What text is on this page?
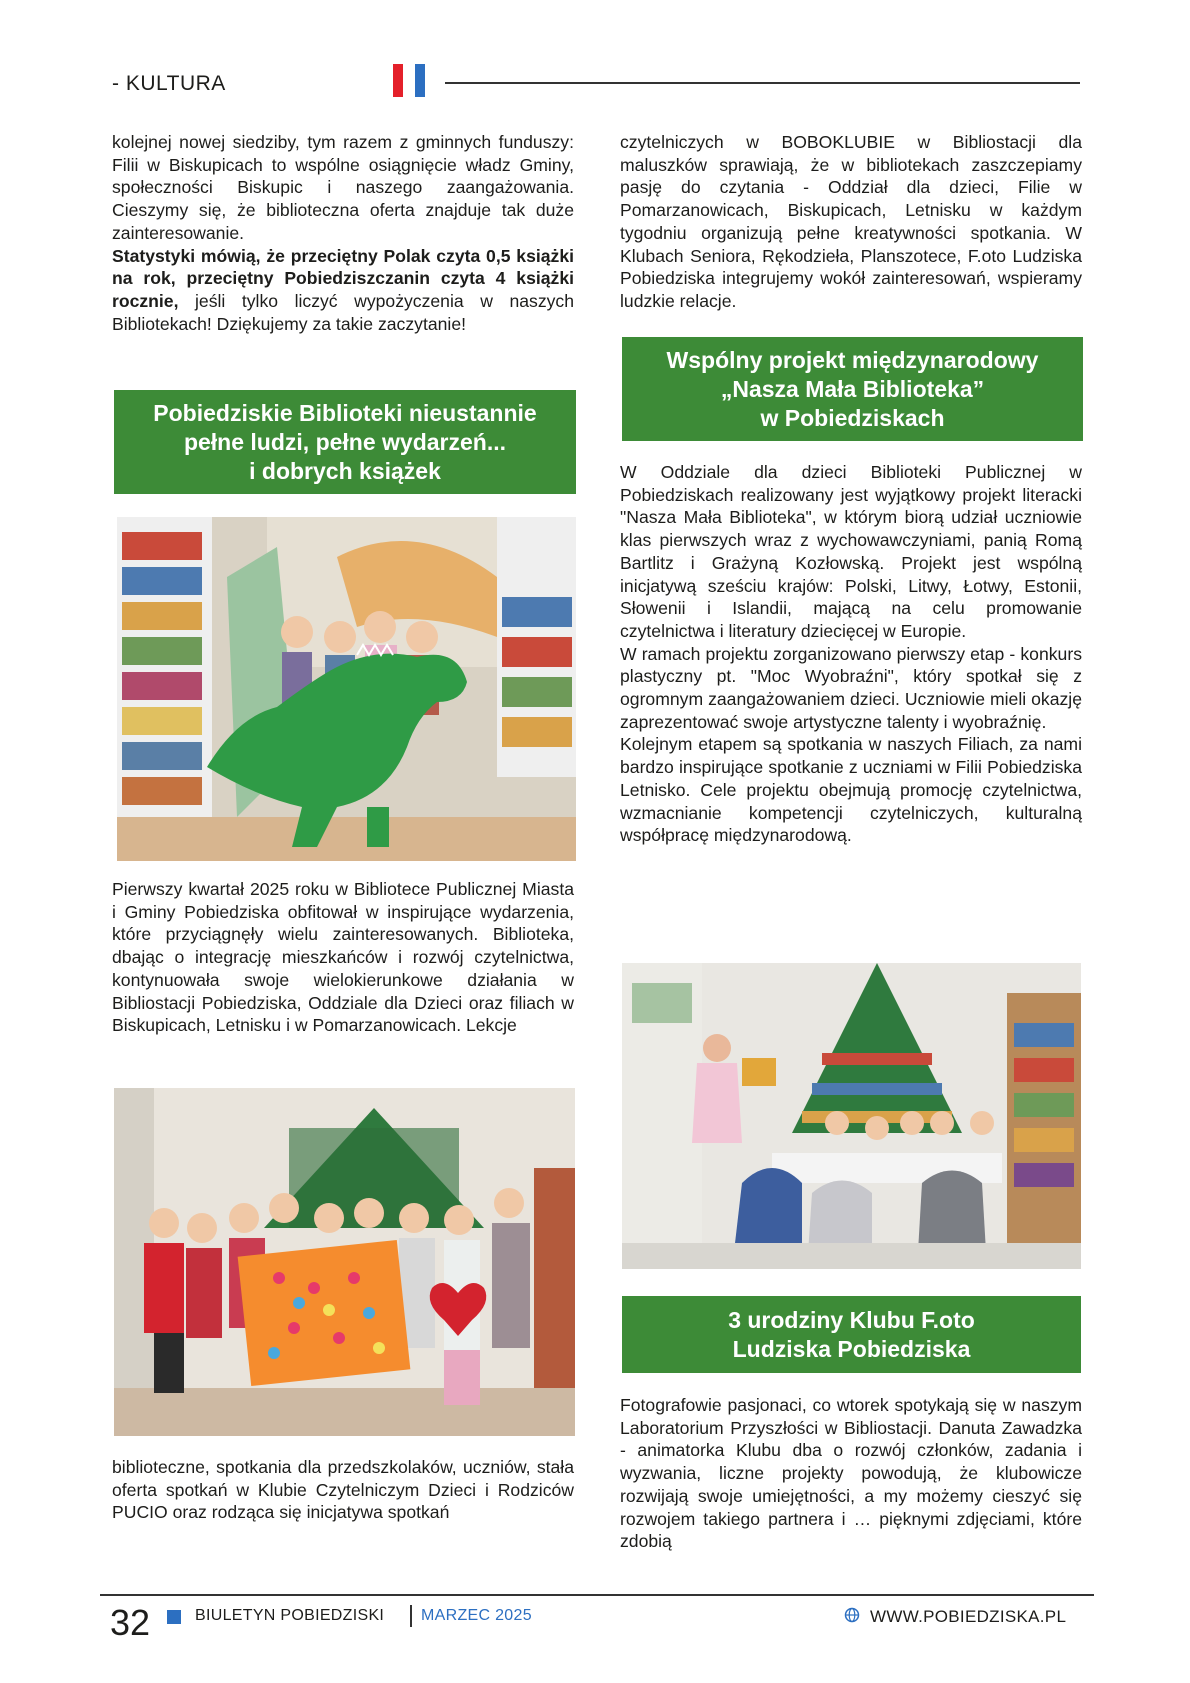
- KULTURA

kolejnej nowej siedziby, tym razem z gminnych funduszy: Filii w Biskupicach to wspólne osiągnięcie władz Gminy, społeczności Biskupic i naszego zaangażowania. Cieszymy się, że biblioteczna oferta znajduje tak duże zainteresowanie.

Statystyki mówią, że przeciętny Polak czyta 0,5 książki na rok, przeciętny Pobiedziszczanin czyta 4 książki rocznie, jeśli tylko liczyć wypożyczenia w naszych Bibliotekach! Dziękujemy za takie zaczytanie!

Pobiedziskie Biblioteki nieustannie
pełne ludzi, pełne wydarzeń...
i dobrych książek

Pierwszy kwartał 2025 roku w Bibliotece Publicznej Miasta i Gminy Pobiedziska obfitował w inspirujące wydarzenia, które przyciągnęły wielu zainteresowanych. Biblioteka, dbając o integrację mieszkańców i rozwój czytelnictwa, kontynuowała swoje wielokierunkowe działania w Bibliostacji Pobiedziska, Oddziale dla Dzieci oraz filiach w Biskupicach, Letnisku i w Pomarzanowicach. Lekcje

biblioteczne, spotkania dla przedszkolaków, uczniów, stała oferta spotkań w Klubie Czytelniczym Dzieci i Rodziców PUCIO oraz rodząca się inicjatywa spotkań

czytelniczych w BOBOKLUBIE w Bibliostacji dla maluszków sprawiają, że w bibliotekach zaszczepiamy pasję do czytania - Oddział dla dzieci, Filie w Pomarzanowicach, Biskupicach, Letnisku w każdym tygodniu organizują pełne kreatywności spotkania. W Klubach Seniora, Rękodzieła, Planszotece, F.oto Ludziska Pobiedziska integrujemy wokół zainteresowań, wspieramy ludzkie relacje.

Wspólny projekt międzynarodowy
„Nasza Mała Biblioteka”
w Pobiedziskach

W Oddziale dla dzieci Biblioteki Publicznej w Pobiedziskach realizowany jest wyjątkowy projekt literacki "Nasza Mała Biblioteka", w którym biorą udział uczniowie klas pierwszych wraz z wychowawczyniami, panią Romą Bartlitz i Grażyną Kozłowską. Projekt jest wspólną inicjatywą sześciu krajów: Polski, Litwy, Łotwy, Estonii, Słowenii i Islandii, mającą na celu promowanie czytelnictwa i literatury dziecięcej w Europie.

W ramach projektu zorganizowano pierwszy etap - konkurs plastyczny pt. "Moc Wyobraźni", który spotkał się z ogromnym zaangażowaniem dzieci. Uczniowie mieli okazję zaprezentować swoje artystyczne talenty i wyobraźnię.

Kolejnym etapem są spotkania w naszych Filiach, za nami bardzo inspirujące spotkanie z uczniami w Filii Pobiedziska Letnisko. Cele projektu obejmują promocję czytelnictwa, wzmacnianie kompetencji czytelniczych, kulturalną współpracę międzynarodową.

3 urodziny Klubu F.oto
Ludziska Pobiedziska

Fotografowie pasjonaci, co wtorek spotykają się w naszym Laboratorium Przyszłości w Bibliostacji. Danuta Zawadzka - animatorka Klubu dba o rozwój członków, zadania i wyzwania, liczne projekty powodują, że klubowicze rozwijają swoje umiejętności, a my możemy cieszyć się rozwojem takiego partnera i … pięknymi zdjęciami, które zdobią

32	BIULETYN POBIEDZISKI MARZEC 2025	WWW.POBIEDZISKA.PL
